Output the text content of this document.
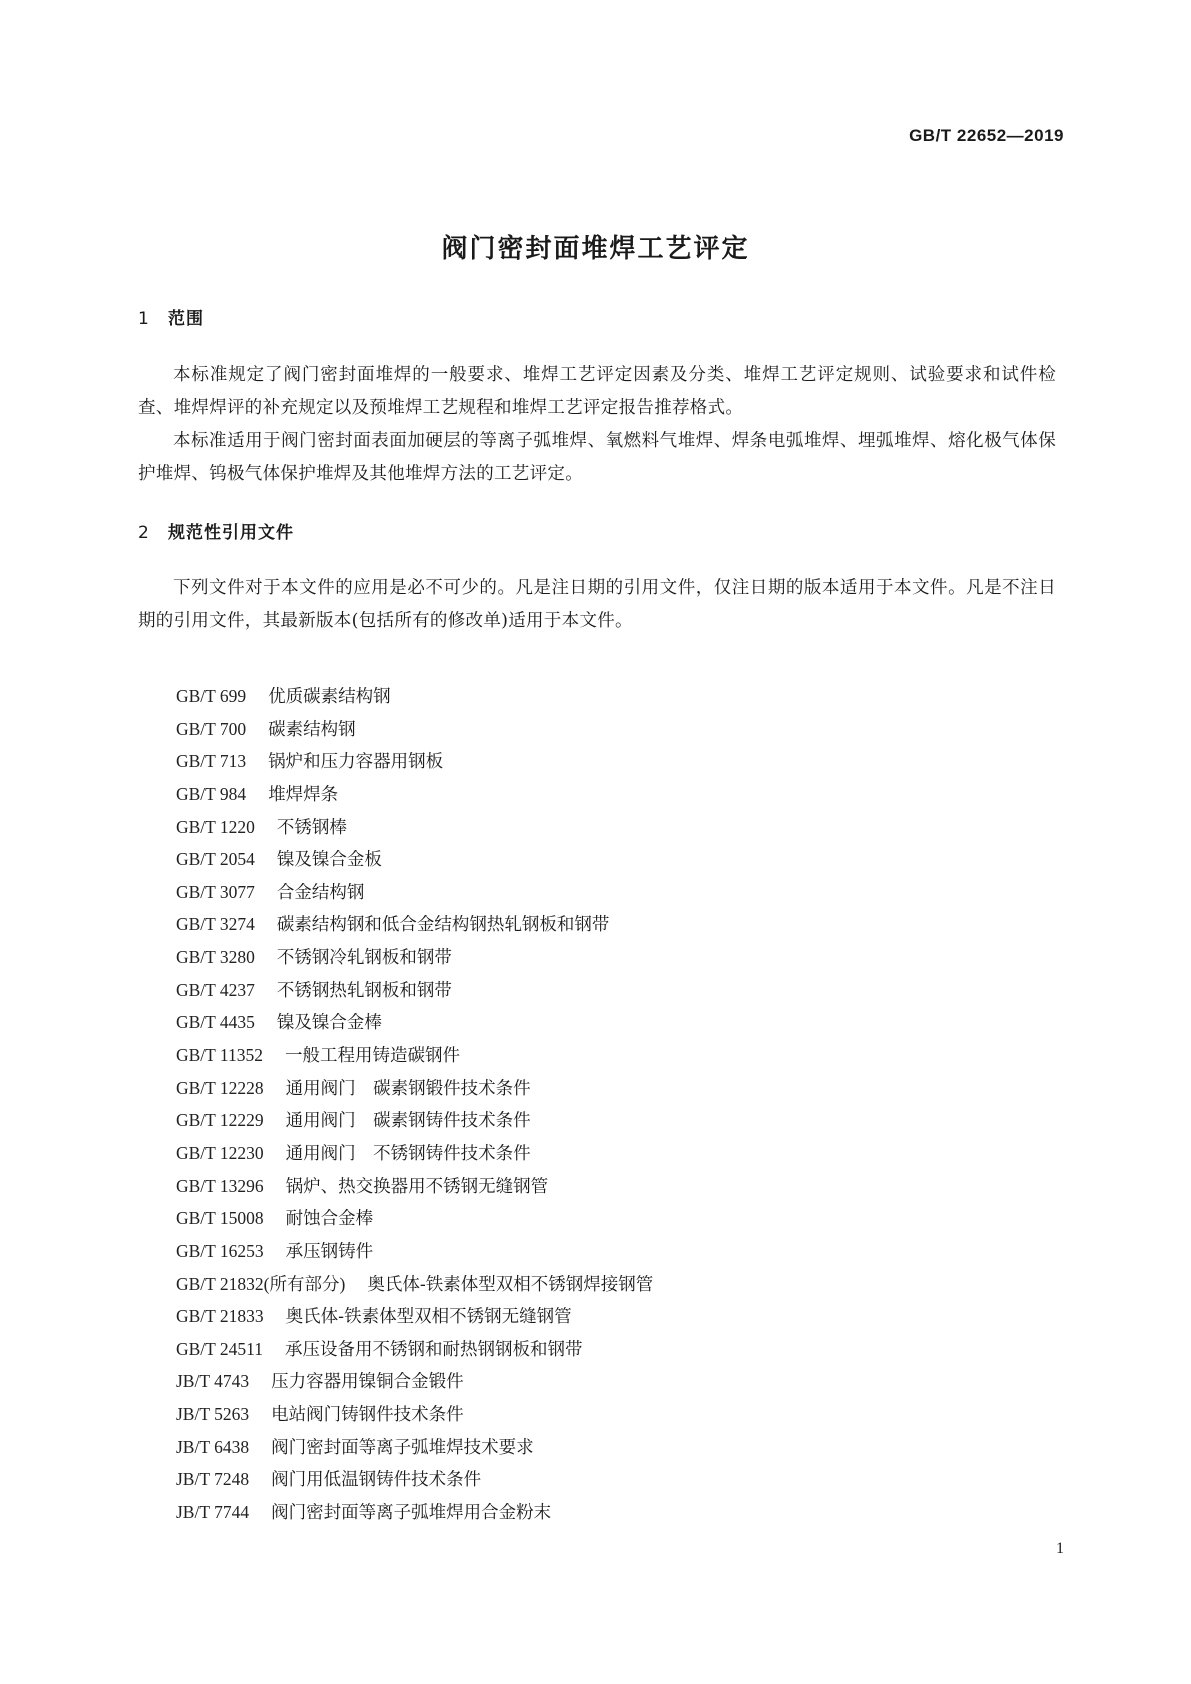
GB/T 22652—2019
阀门密封面堆焊工艺评定
1 范围

本标准规定了阀门密封面堆焊的一般要求、堆焊工艺评定因素及分类、堆焊工艺评定规则、试验要求和试件检查、堆焊焊评的补充规定以及预堆焊工艺规程和堆焊工艺评定报告推荐格式。

本标准适用于阀门密封面表面加硬层的等离子弧堆焊、氧燃料气堆焊、焊条电弧堆焊、埋弧堆焊、熔化极气体保护堆焊、钨极气体保护堆焊及其他堆焊方法的工艺评定。

2 规范性引用文件

下列文件对于本文件的应用是必不可少的。凡是注日期的引用文件，仅注日期的版本适用于本文件。凡是不注日期的引用文件，其最新版本(包括所有的修改单)适用于本文件。

GB/T 699 优质碳素结构钢
GB/T 700 碳素结构钢
GB/T 713 锅炉和压力容器用钢板
GB/T 984 堆焊焊条
GB/T 1220 不锈钢棒
GB/T 2054 镍及镍合金板
GB/T 3077 合金结构钢
GB/T 3274 碳素结构钢和低合金结构钢热轧钢板和钢带
GB/T 3280 不锈钢冷轧钢板和钢带
GB/T 4237 不锈钢热轧钢板和钢带
GB/T 4435 镍及镍合金棒
GB/T 11352 一般工程用铸造碳钢件
GB/T 12228 通用阀门　碳素钢锻件技术条件
GB/T 12229 通用阀门　碳素钢铸件技术条件
GB/T 12230 通用阀门　不锈钢铸件技术条件
GB/T 13296 锅炉、热交换器用不锈钢无缝钢管
GB/T 15008 耐蚀合金棒
GB/T 16253 承压钢铸件
GB/T 21832(所有部分) 奥氏体-铁素体型双相不锈钢焊接钢管
GB/T 21833 奥氏体-铁素体型双相不锈钢无缝钢管
GB/T 24511 承压设备用不锈钢和耐热钢钢板和钢带
JB/T 4743 压力容器用镍铜合金锻件
JB/T 5263 电站阀门铸钢件技术条件
JB/T 6438 阀门密封面等离子弧堆焊技术要求
JB/T 7248 阀门用低温钢铸件技术条件
JB/T 7744 阀门密封面等离子弧堆焊用合金粉末
1
